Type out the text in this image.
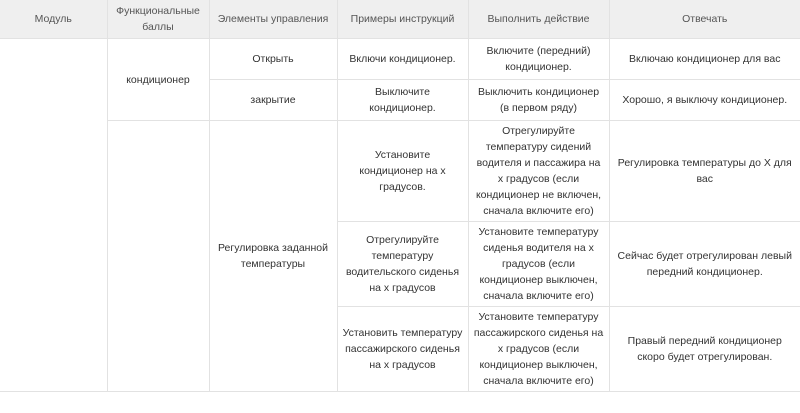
Модуль	Функциональные баллы	Элементы управления	Примеры инструкций	Выполнить действие	Отвечать
	кондиционер	Открыть	Включи кондиционер.	Включите (передний) кондиционер.	Включаю кондиционер для вас
		закрытие	Выключите кондиционер.	Выключить кондиционер (в первом ряду)	Хорошо, я выключу кондиционер.
		Регулировка заданной температуры	Установите кондиционер на x градусов.	Отрегулируйте температуру сидений водителя и пассажира на x градусов (если кондиционер не включен, сначала включите его)	Регулировка температуры до X для вас
			Отрегулируйте температуру водительского сиденья на x градусов	Установите температуру сиденья водителя на x градусов (если кондиционер выключен, сначала включите его)	Сейчас будет отрегулирован левый передний кондиционер.
			Установить температуру пассажирского сиденья на x градусов	Установите температуру пассажирского сиденья на x градусов (если кондиционер выключен, сначала включите его)	Правый передний кондиционер скоро будет отрегулирован.
